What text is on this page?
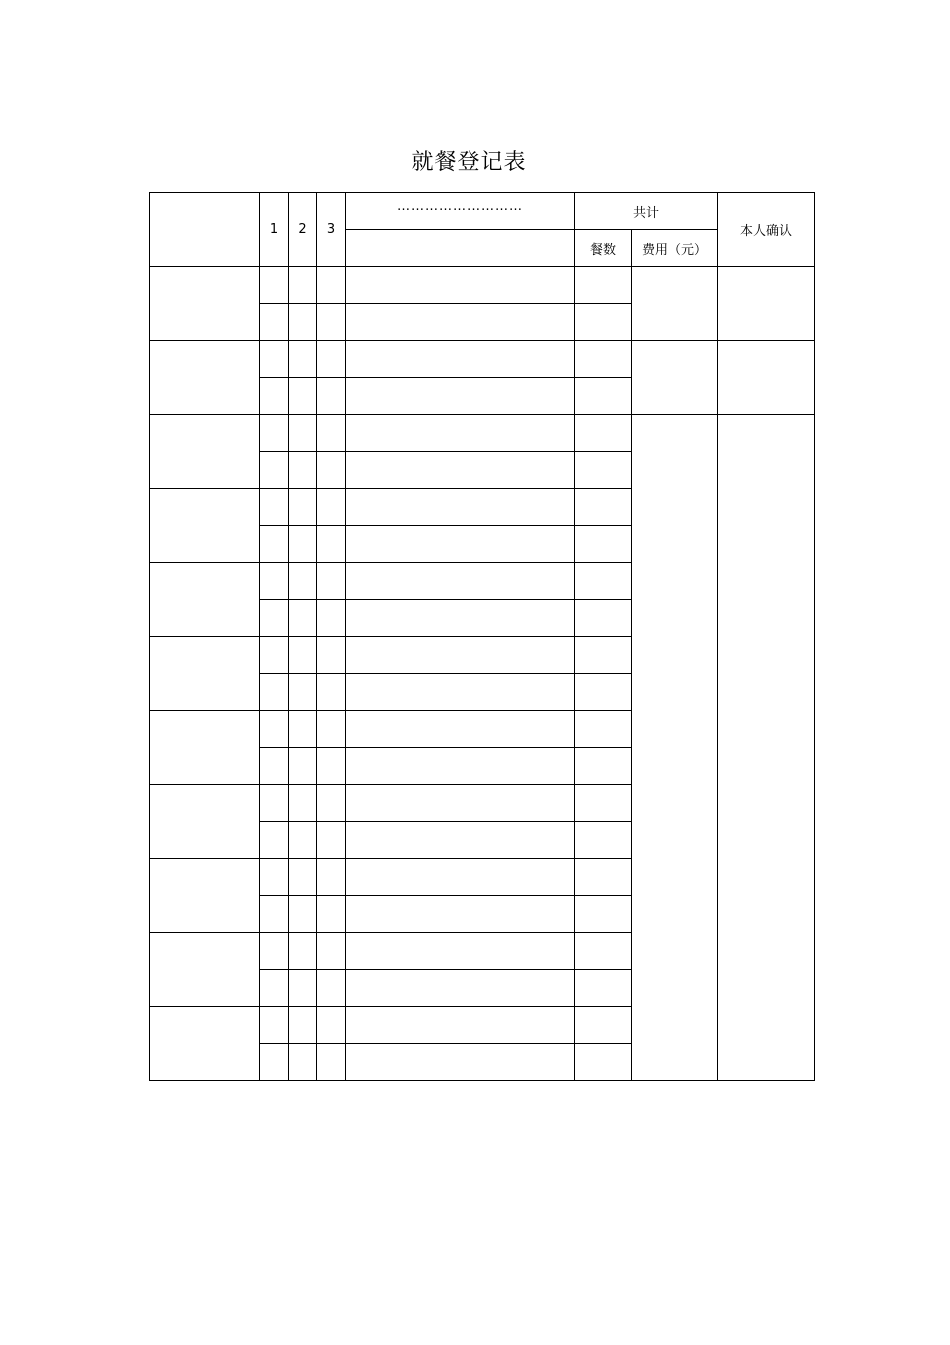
就餐登记表
	1	2	3	………………………	共计		本人确认
					餐数	费用（元）	
